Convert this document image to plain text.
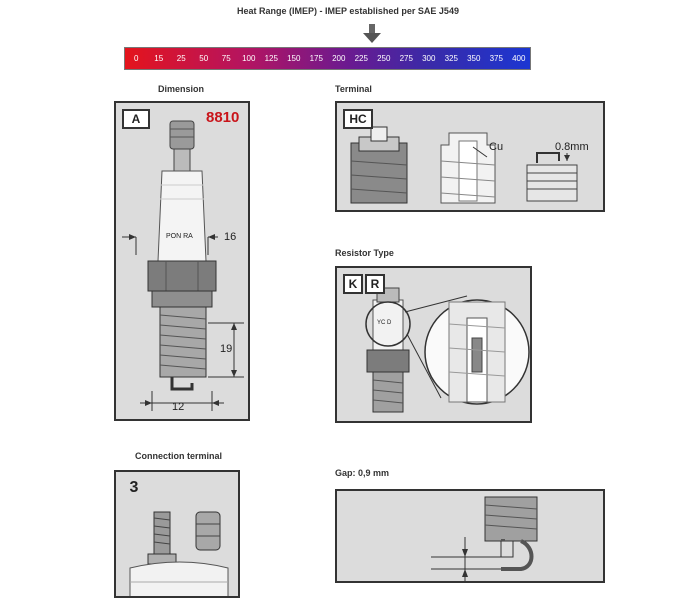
Heat Range (IMEP) - IMEP established per SAE J549
0	15	25	50	75	100	125	150	175	200	225	250	275	300	325	350	375	400
Dimension	Terminal
Resistor Type
Connection terminal
Gap: 0,9 mm
A	8810
PON RA	16
19
12
HC
Cu	0.8mm
K	R
YC D
3
